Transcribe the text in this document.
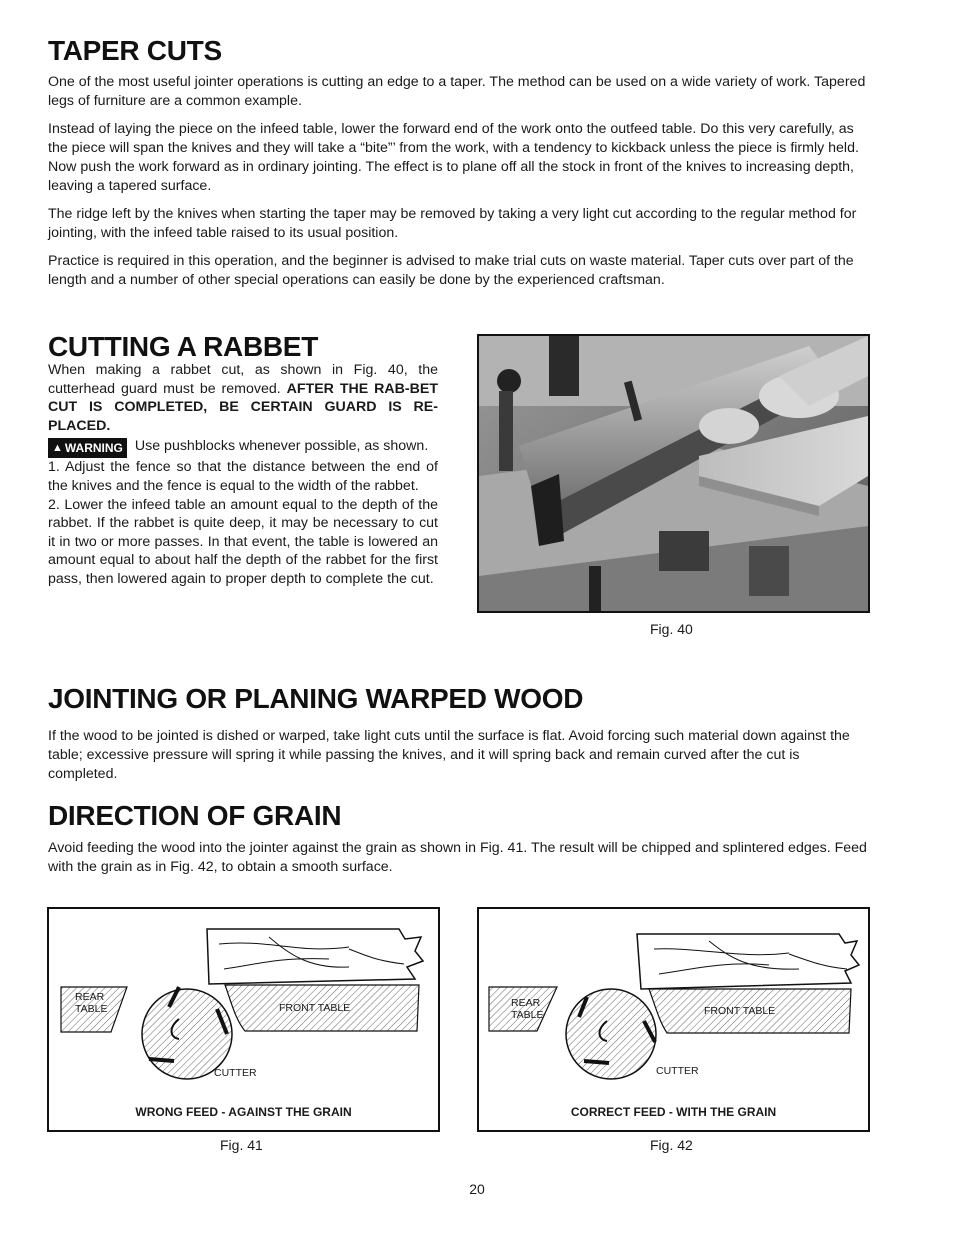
TAPER CUTS

One of the most useful jointer operations is cutting an edge to a taper. The method can be used on a wide variety of work. Tapered legs of furniture are a common example.

Instead of laying the piece on the infeed table, lower the forward end of the work onto the outfeed table. Do this very carefully, as the piece will span the knives and they will take a “bite”’ from the work, with a tendency to kickback unless the piece is firmly held. Now push the work forward as in ordinary jointing. The effect is to plane off all the stock in front of the knives to increasing depth, leaving a tapered surface.

The ridge left by the knives when starting the taper may be removed by taking a very light cut according to the regular method for jointing, with the infeed table raised to its usual position.

Practice is required in this operation, and the beginner is advised to make trial cuts on waste material. Taper cuts over part of the length and a number of other special operations can easily be done by the experienced craftsman.

CUTTING A RABBET

When making a rabbet cut, as shown in Fig. 40, the cutterhead guard must be removed. AFTER THE RAB-BET CUT IS COMPLETED, BE CERTAIN GUARD IS RE-PLACED.

▲ WARNING Use pushblocks whenever possible, as shown.

1. Adjust the fence so that the distance between the end of the knives and the fence is equal to the width of the rabbet.

2. Lower the infeed table an amount equal to the depth of the rabbet. If the rabbet is quite deep, it may be necessary to cut it in two or more passes. In that event, the table is lowered an amount equal to about half the depth of the rabbet for the first pass, then lowered again to proper depth to complete the cut.

Fig. 40
JOINTING OR PLANING WARPED WOOD

If the wood to be jointed is dished or warped, take light cuts until the surface is flat. Avoid forcing such material down against the table; excessive pressure will spring it while passing the knives, and it will spring back and remain curved after the cut is completed.

DIRECTION OF GRAIN

Avoid feeding the wood into the jointer against the grain as shown in Fig. 41. The result will be chipped and splintered edges. Feed with the grain as in Fig. 42, to obtain a smooth surface.

REAR
TABLE	FRONT TABLE
CUTTER
WRONG FEED - AGAINST THE GRAIN
Fig. 41
REAR
TABLE	FRONT TABLE
CUTTER
CORRECT FEED - WITH THE GRAIN
Fig. 42
20
